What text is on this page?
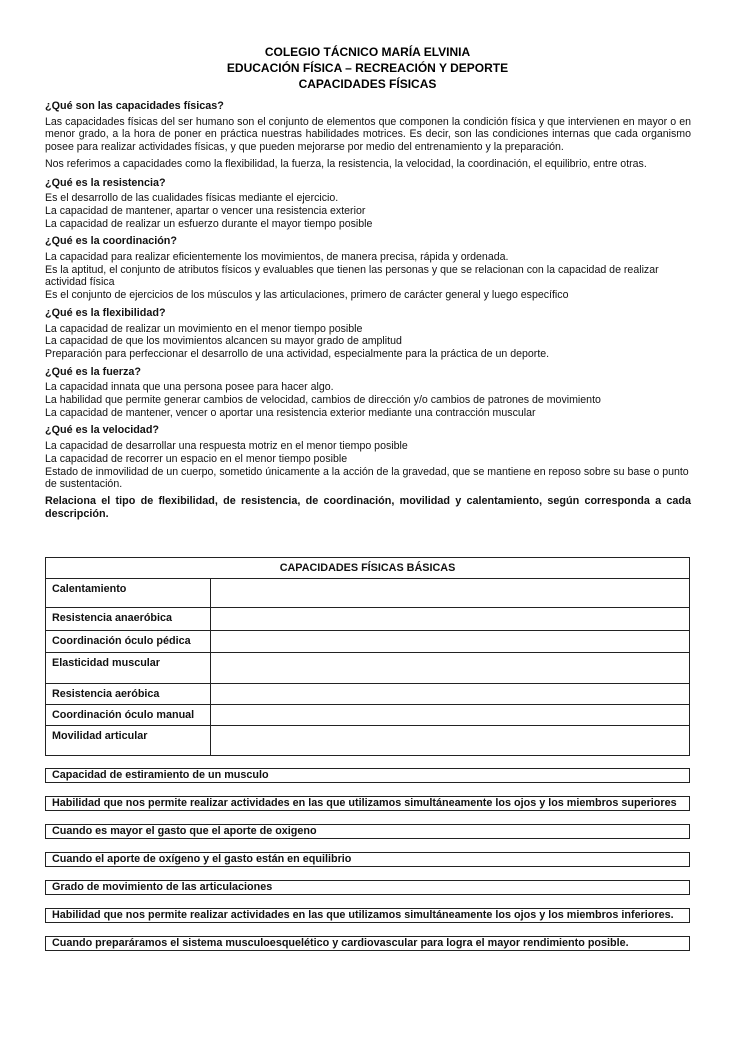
COLEGIO TÁCNICO MARÍA ELVINIA
EDUCACIÓN FÍSICA – RECREACIÓN Y DEPORTE
CAPACIDADES FÍSICAS
¿Qué son las capacidades físicas?
Las capacidades físicas del ser humano son el conjunto de elementos que componen la condición física y que intervienen en mayor o en menor grado, a la hora de poner en práctica nuestras habilidades motrices. Es decir, son las condiciones internas que cada organismo posee para realizar actividades físicas, y que pueden mejorarse por medio del entrenamiento y la preparación.
Nos referimos a capacidades como la flexibilidad, la fuerza, la resistencia, la velocidad, la coordinación, el equilibrio, entre otras.
¿Qué es la resistencia?
Es el desarrollo de las cualidades físicas mediante el ejercicio.
La capacidad de mantener, apartar o vencer una resistencia exterior
La capacidad de realizar un esfuerzo durante el mayor tiempo posible
¿Qué es la coordinación?
La capacidad para realizar eficientemente los movimientos, de manera precisa, rápida y ordenada.
Es la aptitud, el conjunto de atributos físicos y evaluables que tienen las personas y que se relacionan con la capacidad de realizar actividad física
Es el conjunto de ejercicios de los músculos y las articulaciones, primero de carácter general y luego específico
¿Qué es la flexibilidad?
La capacidad de realizar un movimiento en el menor tiempo posible
La capacidad de que los movimientos alcancen su mayor grado de amplitud
Preparación para perfeccionar el desarrollo de una actividad, especialmente para la práctica de un deporte.
¿Qué es la fuerza?
La capacidad innata que una persona posee para hacer algo.
La habilidad que permite generar cambios de velocidad, cambios de dirección y/o cambios de patrones de movimiento
La capacidad de mantener, vencer o aportar una resistencia exterior mediante una contracción muscular
¿Qué es la velocidad?
La capacidad de desarrollar una respuesta motriz en el menor tiempo posible
La capacidad de recorrer un espacio en el menor tiempo posible
Estado de inmovilidad de un cuerpo, sometido únicamente a la acción de la gravedad, que se mantiene en reposo sobre su base o punto de sustentación.
Relaciona el tipo de flexibilidad, de resistencia, de coordinación, movilidad y calentamiento, según corresponda a cada descripción.
CAPACIDADES FÍSICAS BÁSICAS	
Calentamiento	
Resistencia anaeróbica	
Coordinación óculo pédica	
Elasticidad muscular	
Resistencia aeróbica	
Coordinación óculo manual	
Movilidad articular	
Capacidad de estiramiento de un musculo
Habilidad que nos permite realizar actividades en las que utilizamos simultáneamente los ojos y los miembros superiores
Cuando es mayor el gasto que el aporte de oxigeno
Cuando el aporte de oxígeno y el gasto están en equilibrio
Grado de movimiento de las articulaciones
Habilidad que nos permite realizar actividades en las que utilizamos simultáneamente los ojos y los miembros inferiores.
Cuando preparáramos el sistema musculoesquelético y cardiovascular para logra el mayor rendimiento posible.
